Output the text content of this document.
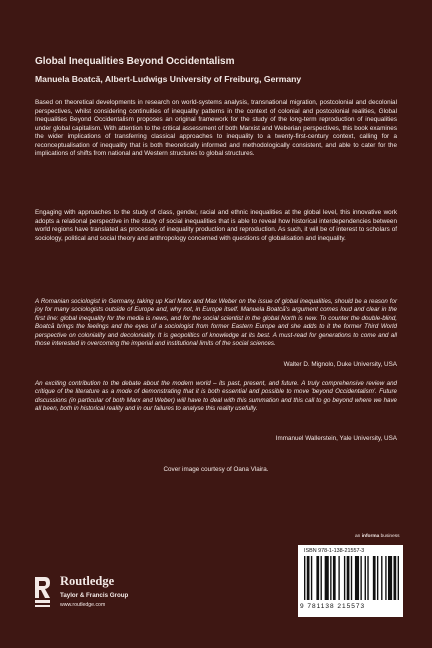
Global Inequalities Beyond Occidentalism
Manuela Boatcă, Albert-Ludwigs University of Freiburg, Germany
Based on theoretical developments in research on world-systems analysis, transnational migration, postcolonial and decolonial perspectives, whilst considering continuities of inequality patterns in the context of colonial and postcolonial realities, Global Inequalities Beyond Occidentalism proposes an original framework for the study of the long-term reproduction of inequalities under global capitalism. With attention to the critical assessment of both Marxist and Weberian perspectives, this book examines the wider implications of transferring classical approaches to inequality to a twenty-first-century context, calling for a reconceptualisation of inequality that is both theoretically informed and methodologically consistent, and able to cater for the implications of shifts from national and Western structures to global structures.
Engaging with approaches to the study of class, gender, racial and ethnic inequalities at the global level, this innovative work adopts a relational perspective in the study of social inequalities that is able to reveal how historical interdependencies between world regions have translated as processes of inequality production and reproduction. As such, it will be of interest to scholars of sociology, political and social theory and anthropology concerned with questions of globalisation and inequality.
A Romanian sociologist in Germany, taking up Karl Marx and Max Weber on the issue of global inequalities, should be a reason for joy for many sociologists outside of Europe and, why not, in Europe itself. Manuela Boatcă's argument comes loud and clear in the first line: global inequality for the media is news, and for the social scientist in the global North is new. To counter the double-blind, Boatcă brings the feelings and the eyes of a sociologist from former Eastern Europe and she adds to it the former Third World perspective on coloniality and decoloniality. It is geopolitics of knowledge at its best. A must-read for generations to come and all those interested in overcoming the imperial and institutional limits of the social sciences.
Walter D. Mignolo, Duke University, USA
An exciting contribution to the debate about the modern world – its past, present, and future. A truly comprehensive review and critique of the literature as a mode of demonstrating that it is both essential and possible to move 'beyond Occidentalism'. Future discussions (in particular of both Marx and Weber) will have to deal with this summation and this call to go beyond where we have all been, both in historical reality and in our failures to analyse this reality usefully.
Immanuel Wallerstein, Yale University, USA
Cover image courtesy of Oana Vlaira.
an informa business
Routledge
Taylor & Francis Group
www.routledge.com
ISBN 978-1-138-21557-3
9 781138 215573
